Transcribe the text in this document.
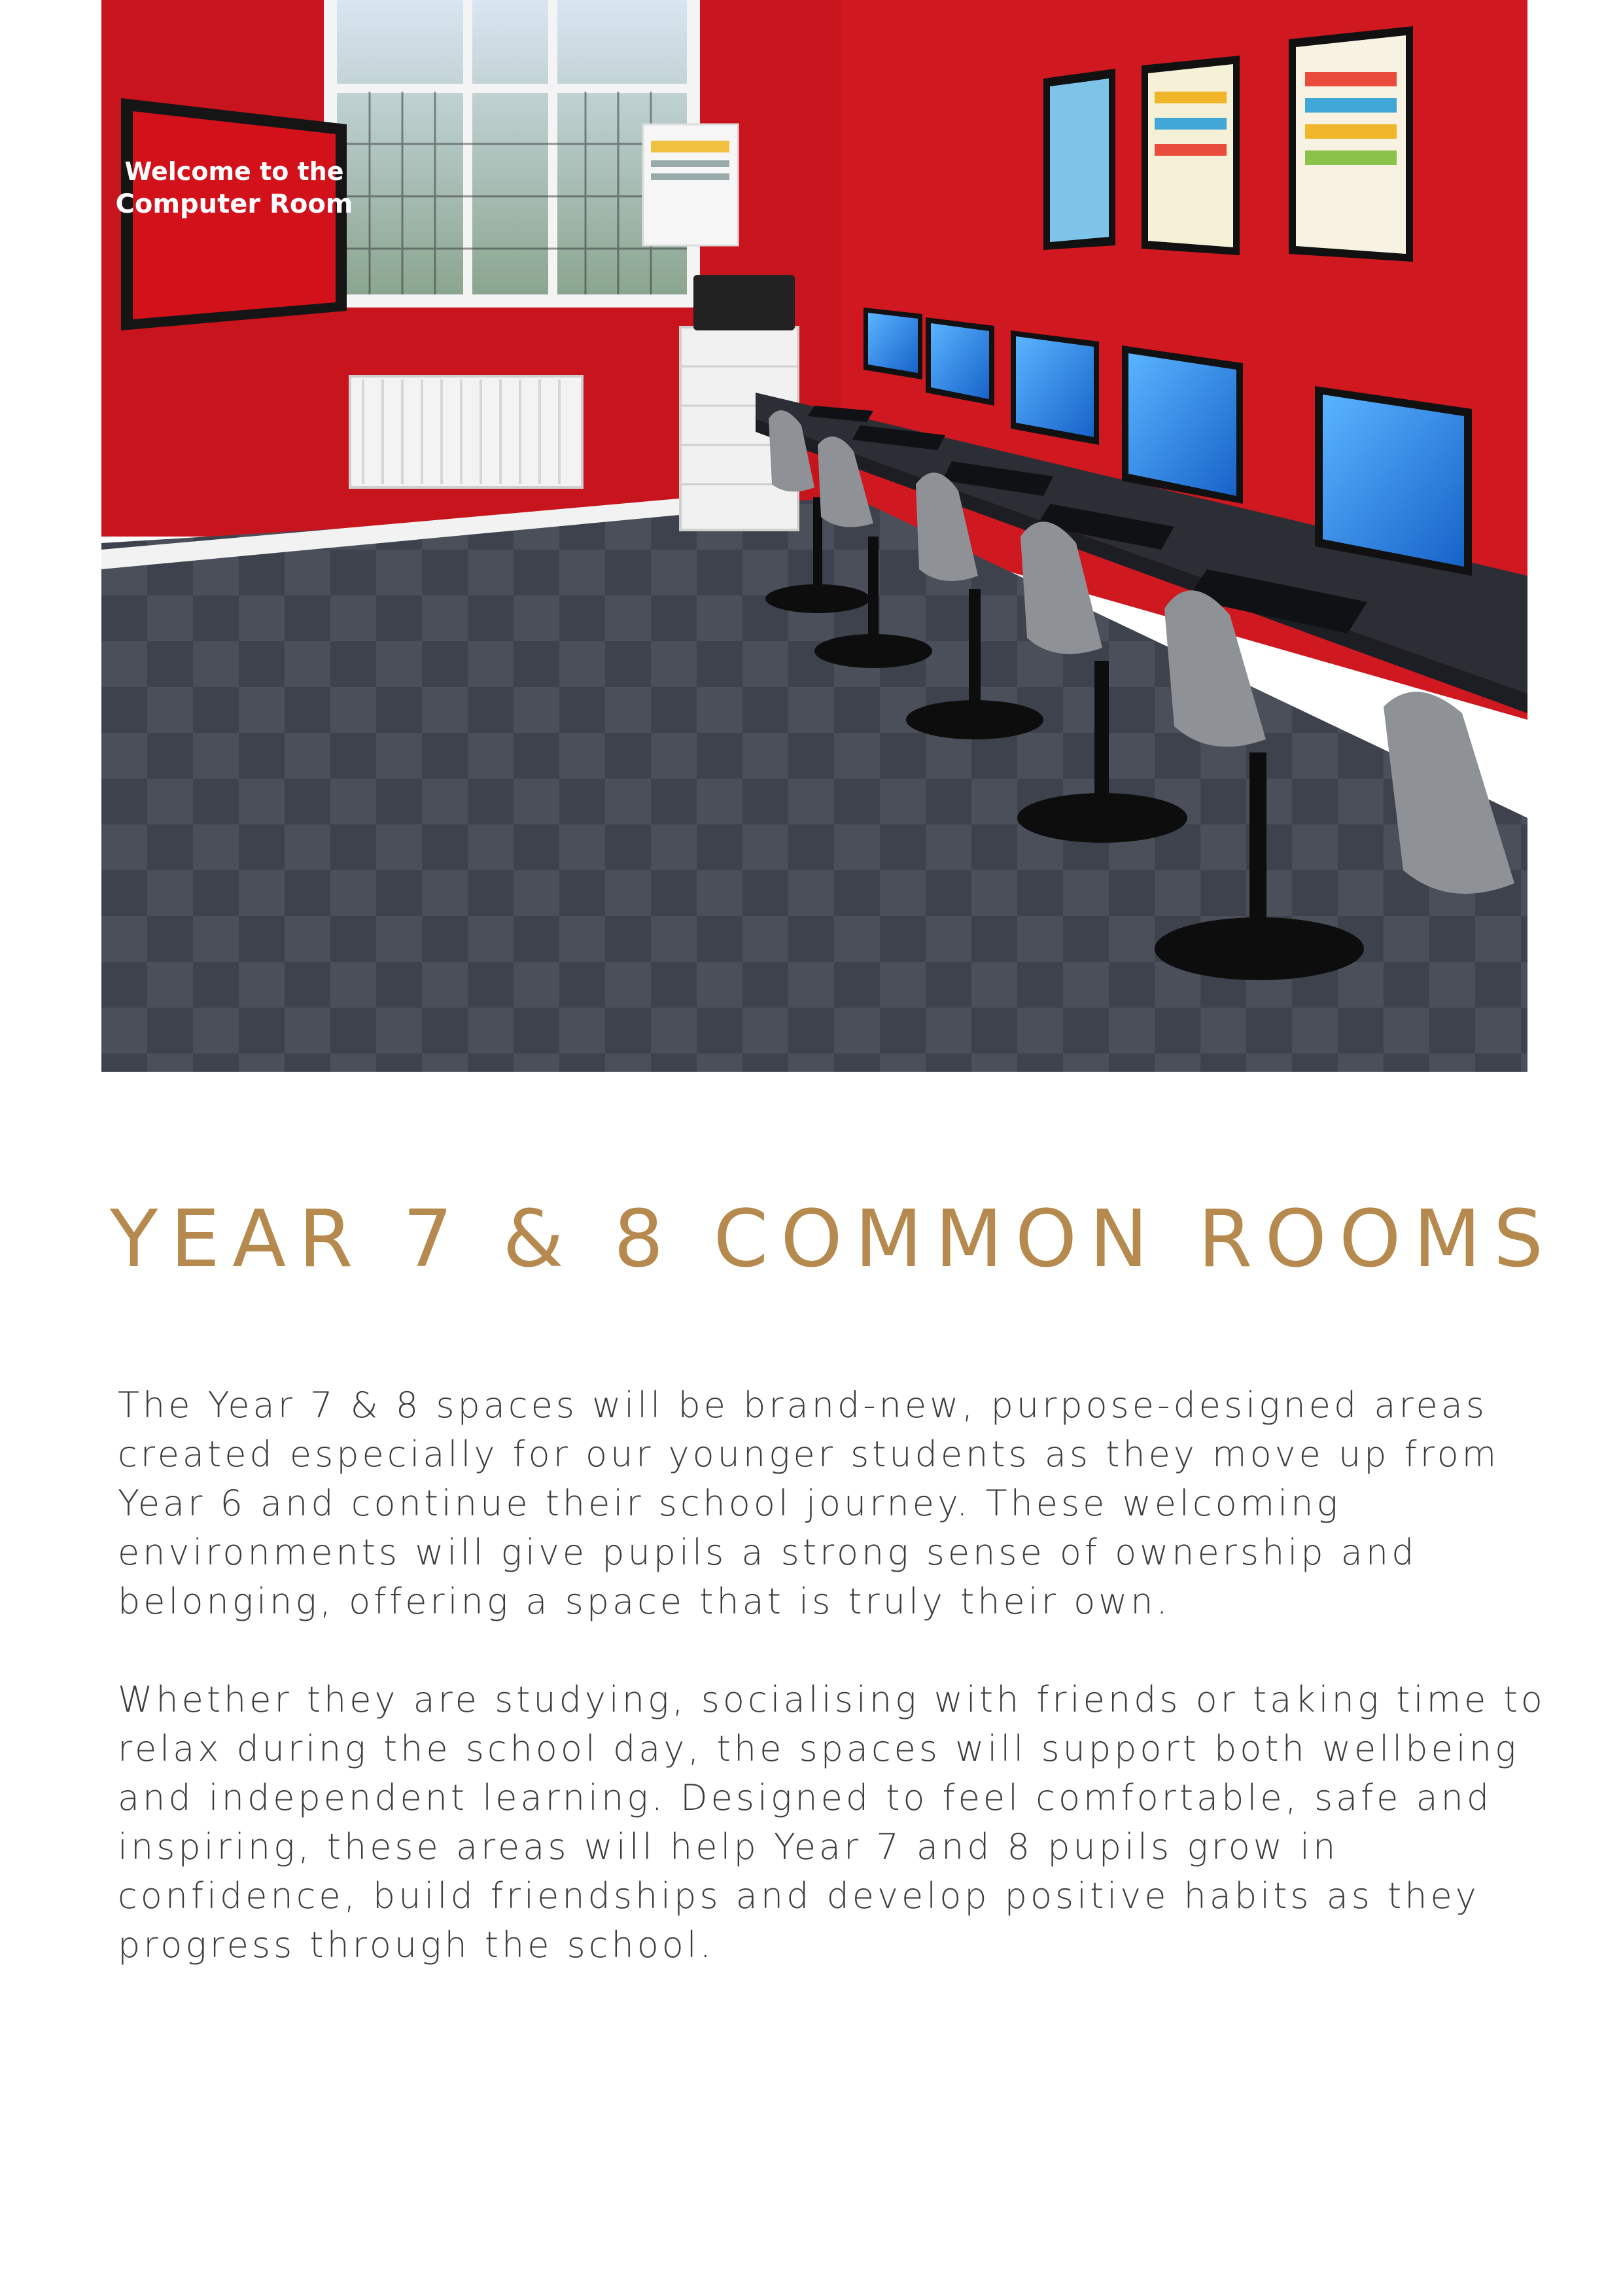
Welcome to the
Computer Room
YEAR 7 & 8 COMMON ROOMS

The Year 7 & 8 spaces will be brand-new, purpose-designed areas
created especially for our younger students as they move up from
Year 6 and continue their school journey. These welcoming
environments will give pupils a strong sense of ownership and
belonging, offering a space that is truly their own.

Whether they are studying, socialising with friends or taking time to
relax during the school day, the spaces will support both wellbeing
and independent learning. Designed to feel comfortable, safe and
inspiring, these areas will help Year 7 and 8 pupils grow in
confidence, build friendships and develop positive habits as they
progress through the school.
